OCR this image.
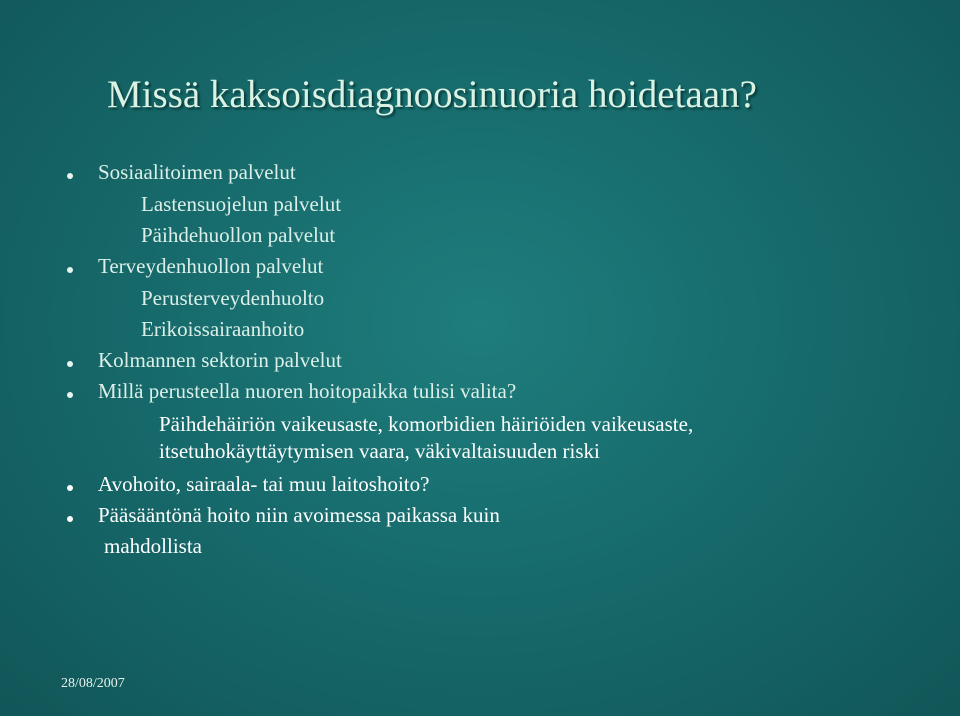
Missä kaksoisdiagnoosinuoria hoidetaan?
Sosiaalitoimen palvelut
Lastensuojelun palvelut
Päihdehuollon palvelut
Terveydenhuollon palvelut
Perusterveydenhuolto
Erikoissairaanhoito
Kolmannen sektorin palvelut
Millä perusteella nuoren hoitopaikka tulisi valita?
Päihdehäiriön vaikeusaste, komorbidien häiriöiden vaikeusaste,
itsetuhokäyttäytymisen vaara, väkivaltaisuuden riski
Avohoito, sairaala- tai muu laitoshoito?
Pääsääntönä hoito niin avoimessa paikassa kuin
mahdollista
28/08/2007
